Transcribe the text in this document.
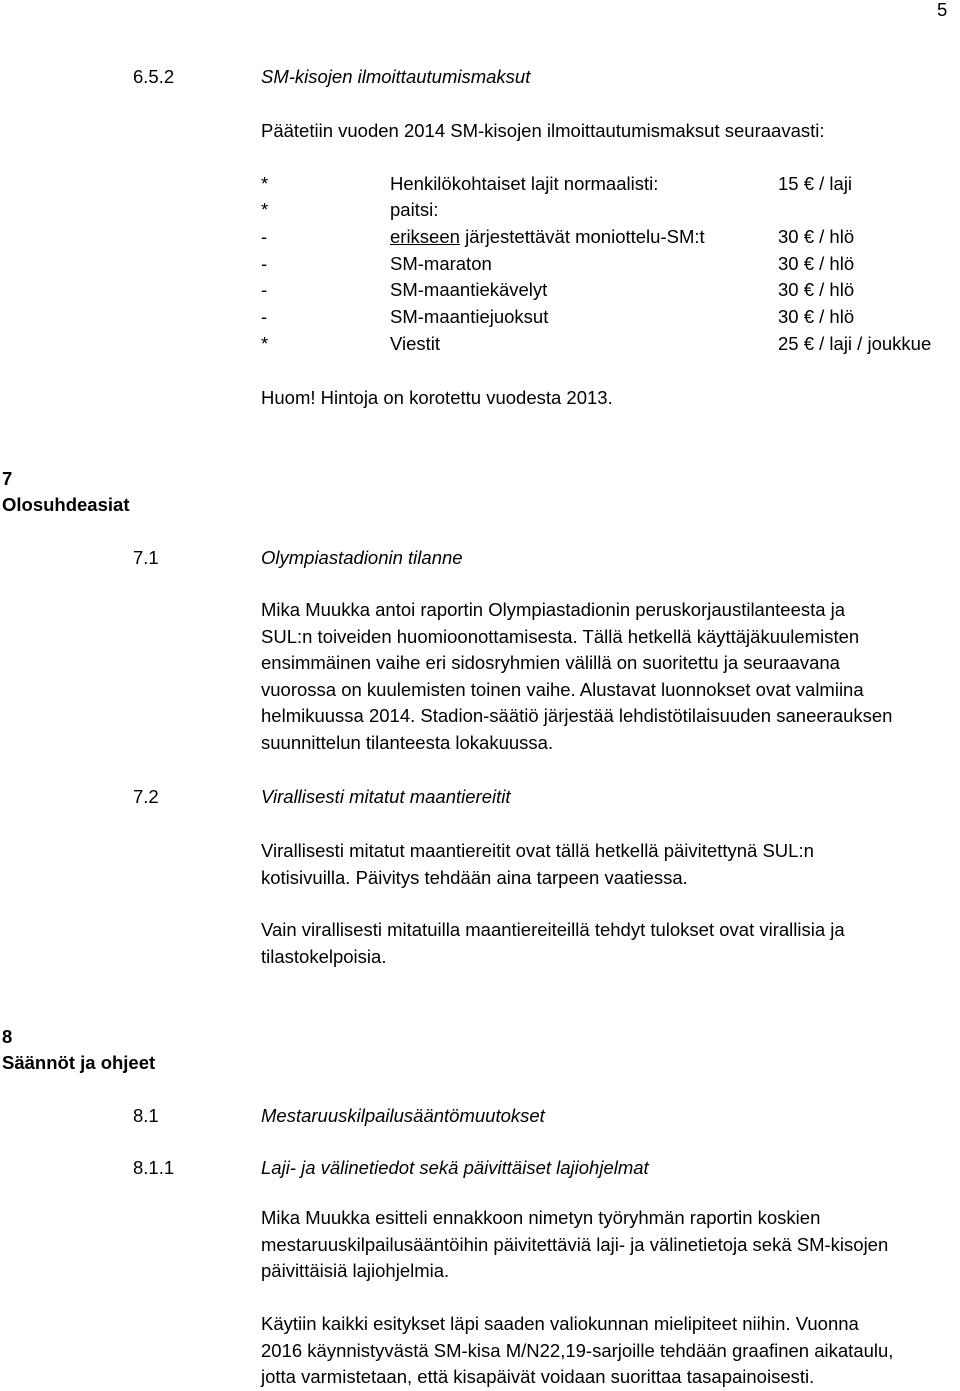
5
6.5.2	SM-kisojen ilmoittautumismaksut
Päätetiin vuoden 2014 SM-kisojen ilmoittautumismaksut seuraavasti:
*	Henkilökohtaiset lajit normaalisti:	15 € / laji
*	paitsi:
-	erikseen järjestettävät moniottelu-SM:t	30 € / hlö
-	SM-maraton	30 € / hlö
-	SM-maantiekävelyt	30 € / hlö
-	SM-maantiejuoksut	30 € / hlö
*	Viestit	25 € / laji / joukkue
Huom! Hintoja on korotettu vuodesta 2013.
7
Olosuhdeasiat
7.1	Olympiastadionin tilanne

Mika Muukka antoi raportin Olympiastadionin peruskorjaustilanteesta ja

SUL:n toiveiden huomioonottamisesta. Tällä hetkellä käyttäjäkuulemisten

ensimmäinen vaihe eri sidosryhmien välillä on suoritettu ja seuraavana

vuorossa on kuulemisten toinen vaihe. Alustavat luonnokset ovat valmiina

helmikuussa 2014. Stadion-säätiö järjestää lehdistötilaisuuden saneerauksen

suunnittelun tilanteesta lokakuussa.

7.2	Virallisesti mitatut maantiereitit

Virallisesti mitatut maantiereitit ovat tällä hetkellä päivitettynä SUL:n

kotisivuilla. Päivitys tehdään aina tarpeen vaatiessa.

Vain virallisesti mitatuilla maantiereiteillä tehdyt tulokset ovat virallisia ja

tilastokelpoisia.

8
Säännöt ja ohjeet
8.1	Mestaruuskilpailusääntömuutokset
8.1.1	Laji- ja välinetiedot sekä päivittäiset lajiohjelmat

Mika Muukka esitteli ennakkoon nimetyn työryhmän raportin koskien

mestaruuskilpailusääntöihin päivitettäviä laji- ja välinetietoja sekä SM-kisojen

päivittäisiä lajiohjelmia.

Käytiin kaikki esitykset läpi saaden valiokunnan mielipiteet niihin. Vuonna

2016 käynnistyvästä SM-kisa M/N22,19-sarjoille tehdään graafinen aikataulu,

jotta varmistetaan, että kisapäivät voidaan suorittaa tasapainoisesti.
